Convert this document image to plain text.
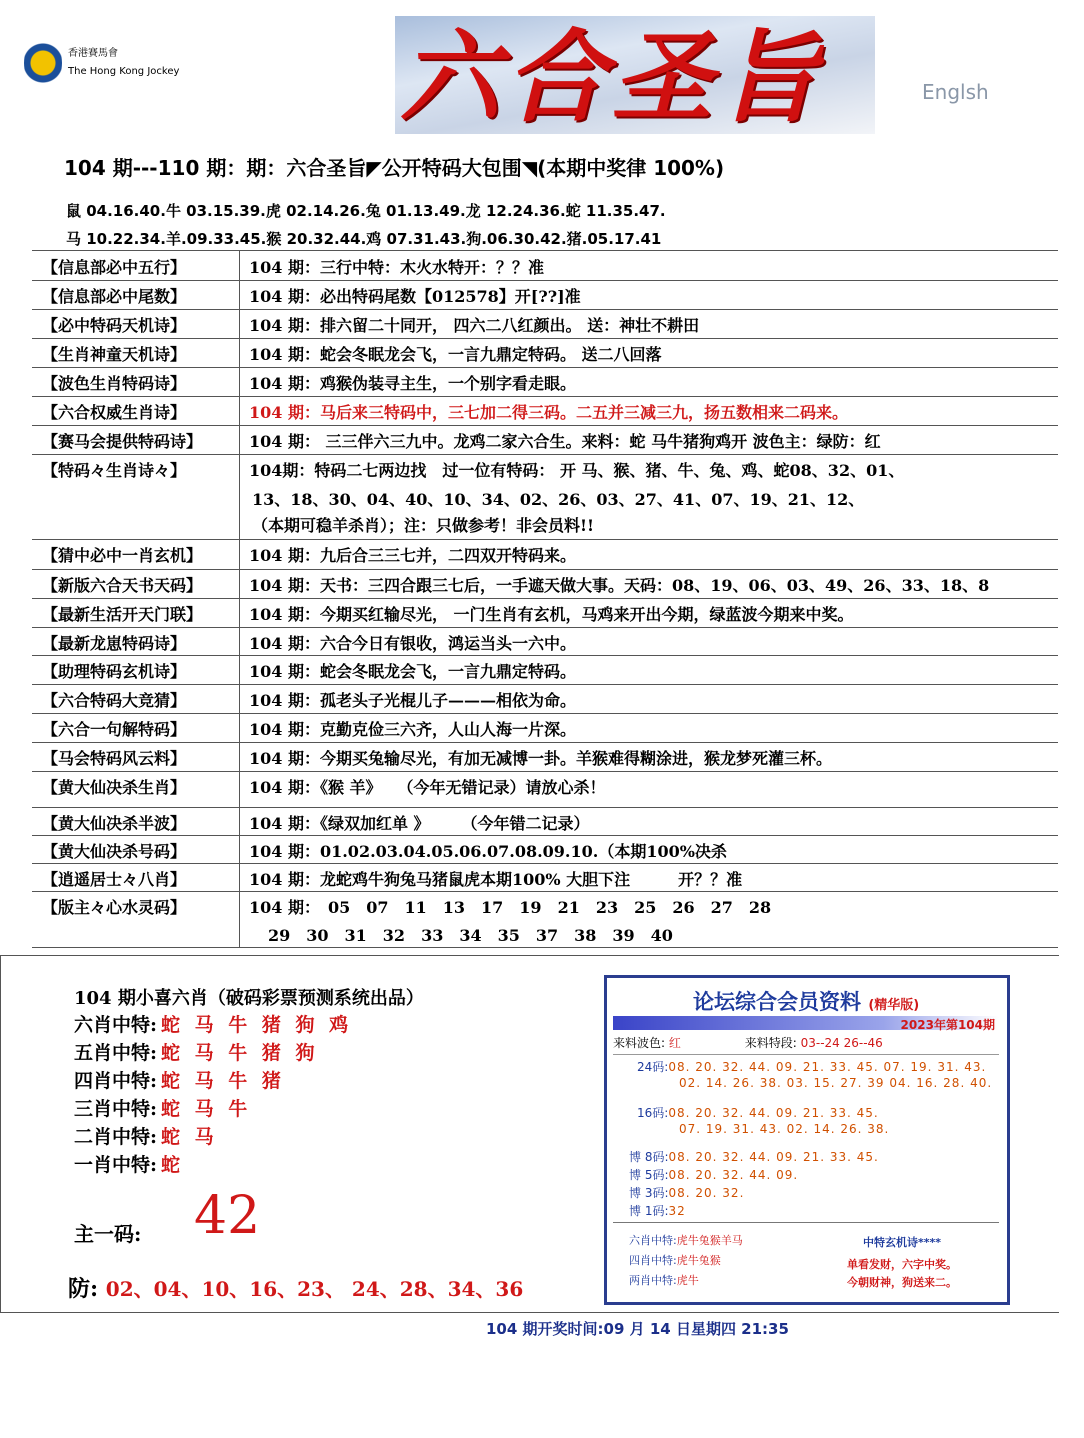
香港賽馬會
The Hong Kong Jockey 六合圣旨	Englsh
104 期---110 期：期：六合圣旨◤公开特码大包围◥(本期中奖律 100%)
鼠 04.16.40.牛 03.15.39.虎 02.14.26.兔 01.13.49.龙 12.24.36.蛇 11.35.47.
马 10.22.34.羊.09.33.45.猴 20.32.44.鸡 07.31.43.狗.06.30.42.猪.05.17.41
【信息部必中五行】	104 期：三行中特：木火水特开：？？准
【信息部必中尾数】	104 期：必出特码尾数【012578】开[??]准
【必中特码天机诗】	104 期：排六留二十同开， 四六二八红颜出。 送：神壮不耕田
【生肖神童天机诗】	104 期：蛇会冬眠龙会飞，一言九鼎定特码。 送二八回落
【波色生肖特码诗】	104 期：鸡猴伪装寻主生，一个别字看走眼。
【六合权威生肖诗】	104 期：马后来三特码中，三七加二得三码。二五并三减三九，扬五数相来二码来。
【赛马会提供特码诗】	104 期： 三三伴六三九中。龙鸡二家六合生。来料：蛇 马牛猪狗鸡开 波色主：绿防：红
【特码々生肖诗々】	104期：特码二七两边找　过一位有特码： 开 马、猴、猪、牛、兔、鸡、蛇08、32、01、
13、18、30、04、40、10、34、02、26、03、27、41、07、19、21、12、
（本期可稳羊杀肖）；注：只做参考！非会员料!!
【猜中必中一肖玄机】	104 期：九后合三三七并，二四双开特码来。
【新版六合天书天码】	104 期：天书：三四合跟三七后，一手遮天做大事。天码：08、19、06、03、49、26、33、18、8
【最新生活开天门联】	104 期：今期买红输尽光， 一门生肖有玄机，马鸡来开出今期，绿蓝波今期来中奖。
【最新龙崽特码诗】	104 期：六合今日有银收，鸿运当头一六中。
【助理特码玄机诗】	104 期：蛇会冬眠龙会飞，一言九鼎定特码。
【六合特码大竞猜】	104 期：孤老头子光棍儿子———相依为命。
【六合一句解特码】	104 期：克勤克俭三六齐，人山人海一片深。
【马会特码风云料】	104 期：今期买兔输尽光，有加无减博一卦。羊猴难得糊涂进，猴龙梦死灌三杯。
【黄大仙决杀生肖】	104 期：《猴 羊》　　（今年无错记录）请放心杀！
【黄大仙决杀半波】	104 期：《绿双加红单 》　　　（今年错二记录）
【黄大仙决杀号码】	104 期：01.02.03.04.05.06.07.08.09.10.（本期100%决杀
【逍遥居士々八肖】	104 期：龙蛇鸡牛狗兔马猪鼠虎本期100% 大胆下注　　　开？？准
【版主々心水灵码】	104 期：　05　07　11　13　17　19　21　23　25　26　27　28
29　30　31　32　33　34　35　37　38　39　40
104 期小喜六肖（破码彩票预测系统出品）
六肖中特: 蛇 马 牛 猪 狗 鸡
五肖中特: 蛇 马 牛 猪 狗
四肖中特: 蛇 马 牛 猪
三肖中特: 蛇 马 牛
二肖中特: 蛇 马
一肖中特: 蛇
主一码: 42
防: 02、04、10、16、23、 24、28、34、36
论坛综合会员资料 (精华版)
2023年第104期
来料波色: 红	来料特段: 03--24 26--46
24码:08. 20. 32. 44. 09. 21. 33. 45. 07. 19. 31. 43.
02. 14. 26. 38. 03. 15. 27. 39 04. 16. 28. 40.
16码:08. 20. 32. 44. 09. 21. 33. 45.
07. 19. 31. 43. 02. 14. 26. 38.
博 8码:08. 20. 32. 44. 09. 21. 33. 45.
博 5码:08. 20. 32. 44. 09.
博 3码:08. 20. 32.
博 1码:32
六肖中特:虎牛兔猴羊马
四肖中特:虎牛兔猴
两肖中特:虎牛
中特玄机诗****
单看发财，六字中奖。
今朝财神，狗送来二。
104 期开奖时间:09 月 14 日星期四 21:35
